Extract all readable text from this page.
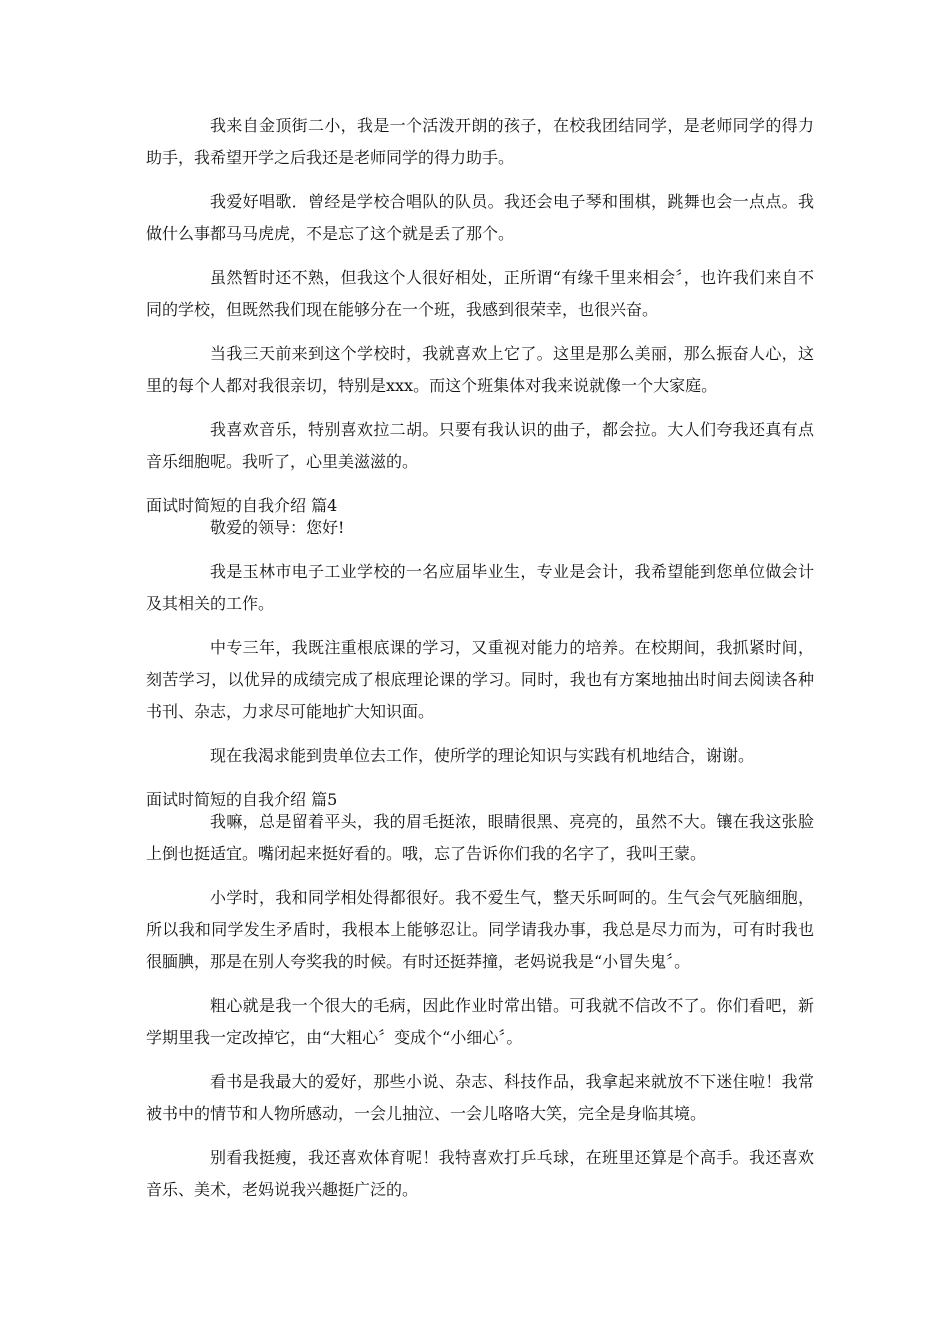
我来自金顶街二小，我是一个活泼开朗的孩子，在校我团结同学，是老师同学的得力助手，我希望开学之后我还是老师同学的得力助手。

我爱好唱歌．曾经是学校合唱队的队员。我还会电子琴和围棋，跳舞也会一点点。我做什么事都马马虎虎，不是忘了这个就是丢了那个。

虽然暂时还不熟，但我这个人很好相处，正所谓“有缘千里来相会〞，也许我们来自不同的学校，但既然我们现在能够分在一个班，我感到很荣幸，也很兴奋。

当我三天前来到这个学校时，我就喜欢上它了。这里是那么美丽，那么振奋人心，这里的每个人都对我很亲切，特别是xxx。而这个班集体对我来说就像一个大家庭。

我喜欢音乐，特别喜欢拉二胡。只要有我认识的曲子，都会拉。大人们夸我还真有点音乐细胞呢。我听了，心里美滋滋的。

面试时简短的自我介绍 篇4

敬爱的领导：您好!

我是玉林市电子工业学校的一名应届毕业生，专业是会计，我希望能到您单位做会计及其相关的工作。

中专三年，我既注重根底课的学习，又重视对能力的培养。在校期间，我抓紧时间，刻苦学习，以优异的成绩完成了根底理论课的学习。同时，我也有方案地抽出时间去阅读各种书刊、杂志，力求尽可能地扩大知识面。

现在我渴求能到贵单位去工作，使所学的理论知识与实践有机地结合，谢谢。

面试时简短的自我介绍 篇5

我嘛，总是留着平头，我的眉毛挺浓，眼睛很黑、亮亮的，虽然不大。镶在我这张脸上倒也挺适宜。嘴闭起来挺好看的。哦，忘了告诉你们我的名字了，我叫王蒙。

小学时，我和同学相处得都很好。我不爱生气，整天乐呵呵的。生气会气死脑细胞，所以我和同学发生矛盾时，我根本上能够忍让。同学请我办事，我总是尽力而为，可有时我也很腼腆，那是在别人夸奖我的时候。有时还挺莽撞，老妈说我是“小冒失鬼〞。

粗心就是我一个很大的毛病，因此作业时常出错。可我就不信改不了。你们看吧，新学期里我一定改掉它，由“大粗心〞变成个“小细心〞。

看书是我最大的爱好，那些小说、杂志、科技作品，我拿起来就放不下迷住啦！我常被书中的情节和人物所感动，一会儿抽泣、一会儿咯咯大笑，完全是身临其境。

别看我挺瘦，我还喜欢体育呢！我特喜欢打乒乓球，在班里还算是个高手。我还喜欢音乐、美术，老妈说我兴趣挺广泛的。
